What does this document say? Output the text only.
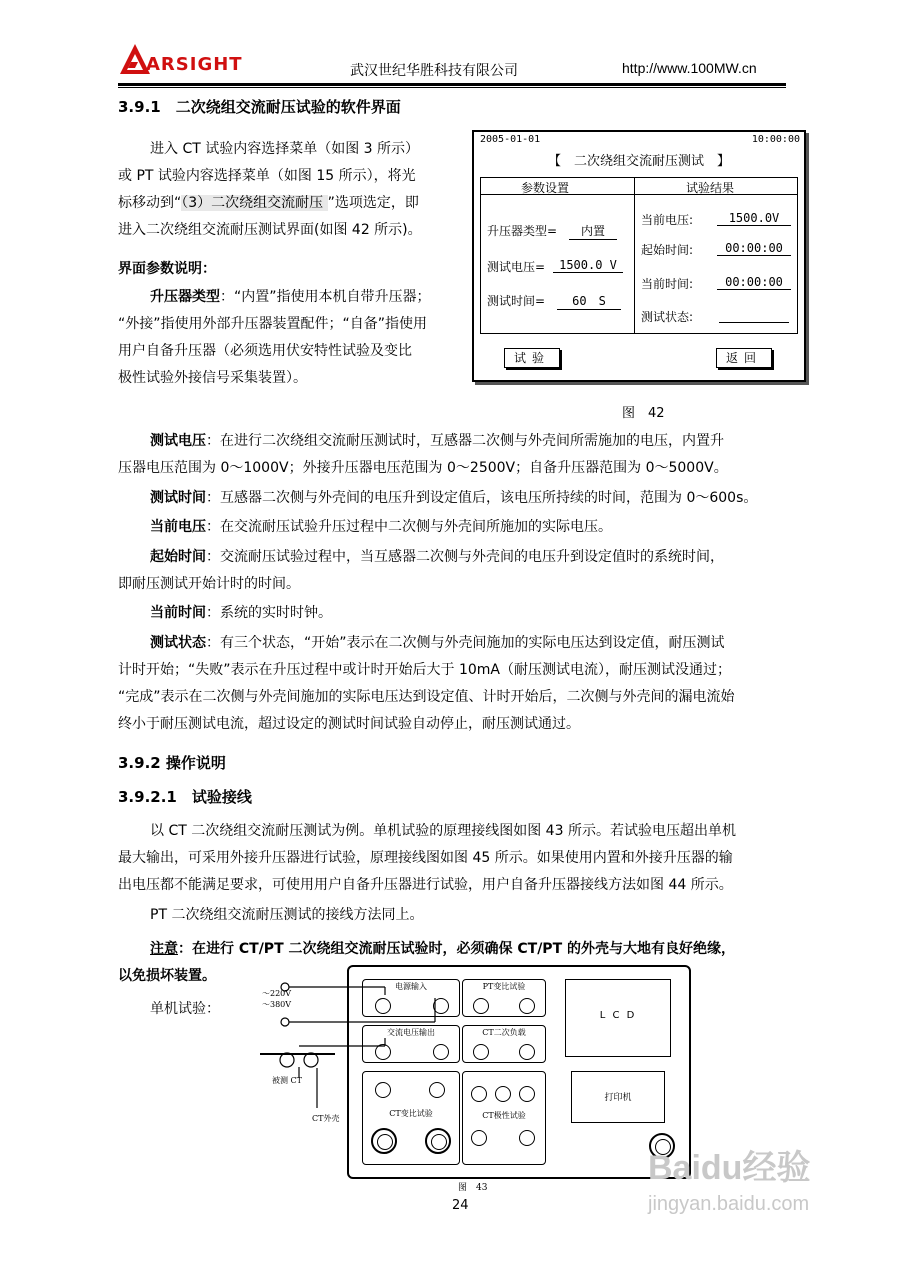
ARSIGHT	武汉世纪华胜科技有限公司	http://www.100MW.cn
3.9.1　二次绕组交流耐压试验的软件界面
进入 CT 试验内容选择菜单（如图 3 所示）
或 PT 试验内容选择菜单（如图 15 所示），将光
标移动到“（3）二次绕组交流耐压 ”选项选定，即
进入二次绕组交流耐压测试界面(如图 42 所示)。
界面参数说明：
升压器类型：“内置”指使用本机自带升压器；
“外接”指使用外部升压器装置配件；“自备”指使用
用户自备升压器（必须选用伏安特性试验及变比
极性试验外接信号采集装置）。
2005-01-01	10:00:00
【　二次绕组交流耐压测试　】
参数设置	试验结果
升压器类型=	内置
测试电压=	1500.0 V
测试时间=	60　S
当前电压:	1500.0V
起始时间:	00:00:00
当前时间:	00:00:00
测试状态:
试验	返回
图　42
测试电压：在进行二次绕组交流耐压测试时，互感器二次侧与外壳间所需施加的电压，内置升
压器电压范围为 0～1000V；外接升压器电压范围为 0～2500V；自备升压器范围为 0～5000V。
测试时间：互感器二次侧与外壳间的电压升到设定值后，该电压所持续的时间，范围为 0～600s。
当前电压：在交流耐压试验升压过程中二次侧与外壳间所施加的实际电压。
起始时间：交流耐压试验过程中，当互感器二次侧与外壳间的电压升到设定值时的系统时间，
即耐压测试开始计时的时间。
当前时间：系统的实时时钟。
测试状态：有三个状态，“开始”表示在二次侧与外壳间施加的实际电压达到设定值，耐压测试
计时开始；“失败”表示在升压过程中或计时开始后大于 10mA（耐压测试电流），耐压测试没通过；
“完成”表示在二次侧与外壳间施加的实际电压达到设定值、计时开始后，二次侧与外壳间的漏电流始
终小于耐压测试电流，超过设定的测试时间试验自动停止，耐压测试通过。
3.9.2 操作说明
3.9.2.1　试验接线
以 CT 二次绕组交流耐压测试为例。单机试验的原理接线图如图 43 所示。若试验电压超出单机
最大输出，可采用外接升压器进行试验，原理接线图如图 45 所示。如果使用内置和外接升压器的输
出电压都不能满足要求，可使用用户自备升压器进行试验，用户自备升压器接线方法如图 44 所示。
PT 二次绕组交流耐压测试的接线方法同上。
注意：在进行 CT/PT 二次绕组交流耐压试验时，必须确保 CT/PT 的外壳与大地有良好绝缘，
以免损坏装置。
单机试验：
～220V
～380V
被测 CT
CT外壳
电源输入	PT变比试验
交流电压输出	CT二次负载
CT变比试验	CT极性试验
L C D
打印机
图　43
24
Baidu经验
jingyan.baidu.com
